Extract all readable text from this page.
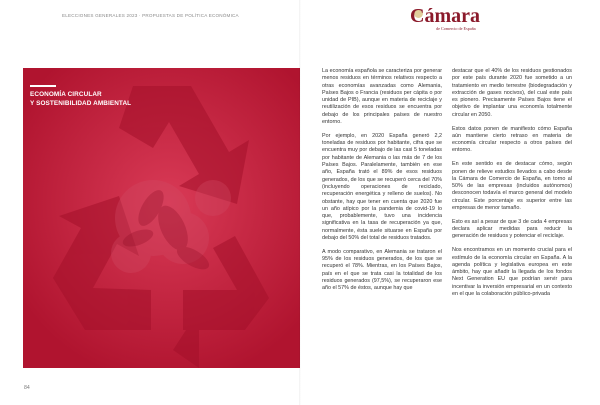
ELECCIONES GENERALES 2023 · PROPUESTAS DE POLÍTICA ECONÓMICA
ECONOMÍA CIRCULAR
Y SOSTENIBILIDAD AMBIENTAL
84
Cámara
de Comercio de España

La economía española se caracteriza por generar menos residuos en términos relativos respecto a otras economías avanzadas como Alemania, Países Bajos o Francia (residuos per cápita o por unidad de PIB), aunque en materia de reciclaje y reutilización de esos residuos se encuentra por debajo de los principales países de nuestro entorno.

Por ejemplo, en 2020 España generó 2,2 toneladas de residuos por habitante, cifra que se encuentra muy por debajo de las casi 5 toneladas por habitante de Alemania o las más de 7 de los Países Bajos. Paralelamente, también en ese año, España trató el 89% de esos residuos generados, de los que se recuperó cerca del 70% (incluyendo operaciones de reciclado, recuperación energética y relleno de suelos). No obstante, hay que tener en cuenta que 2020 fue un año atípico por la pandemia de covid-19 lo que, probablemente, tuvo una incidencia significativa en la tasa de recuperación ya que, normalmente, ésta suele situarse en España por debajo del 50% del total de residuos tratados.

A modo comparativo, en Alemania se trataron el 95% de los residuos generados, de los que se recuperó el 78%. Mientras, en los Países Bajos, país en el que se trata casi la totalidad de los residuos generados (97,5%), se recuperaron ese año el 57% de éstos, aunque hay que

destacar que el 40% de los residuos gestionados por este país durante 2020 fue sometido a un tratamiento en medio terrestre (biodegradación y extracción de gases nocivos), del cual este país es pionero. Precisamente Países Bajos tiene el objetivo de implantar una economía totalmente circular en 2050.

Estos datos ponen de manifiesto cómo España aún mantiene cierto retraso en materia de economía circular respecto a otros países del entorno.

En este sentido es de destacar cómo, según ponen de relieve estudios llevados a cabo desde la Cámara de Comercio de España, en torno al 50% de las empresas (incluidos autónomos) desconocen todavía el marco general del modelo circular. Este porcentaje es superior entre las empresas de menor tamaño.

Esto es así a pesar de que 3 de cada 4 empresas declara aplicar medidas para reducir la generación de residuos y potenciar el reciclaje.

Nos encontramos en un momento crucial para el estímulo de la economía circular en España. A la agenda política y legislativa europea en este ámbito, hay que añadir la llegada de los fondos Next Generation EU que podrían servir para incentivar la inversión empresarial en un contexto en el que la colaboración público-privada
